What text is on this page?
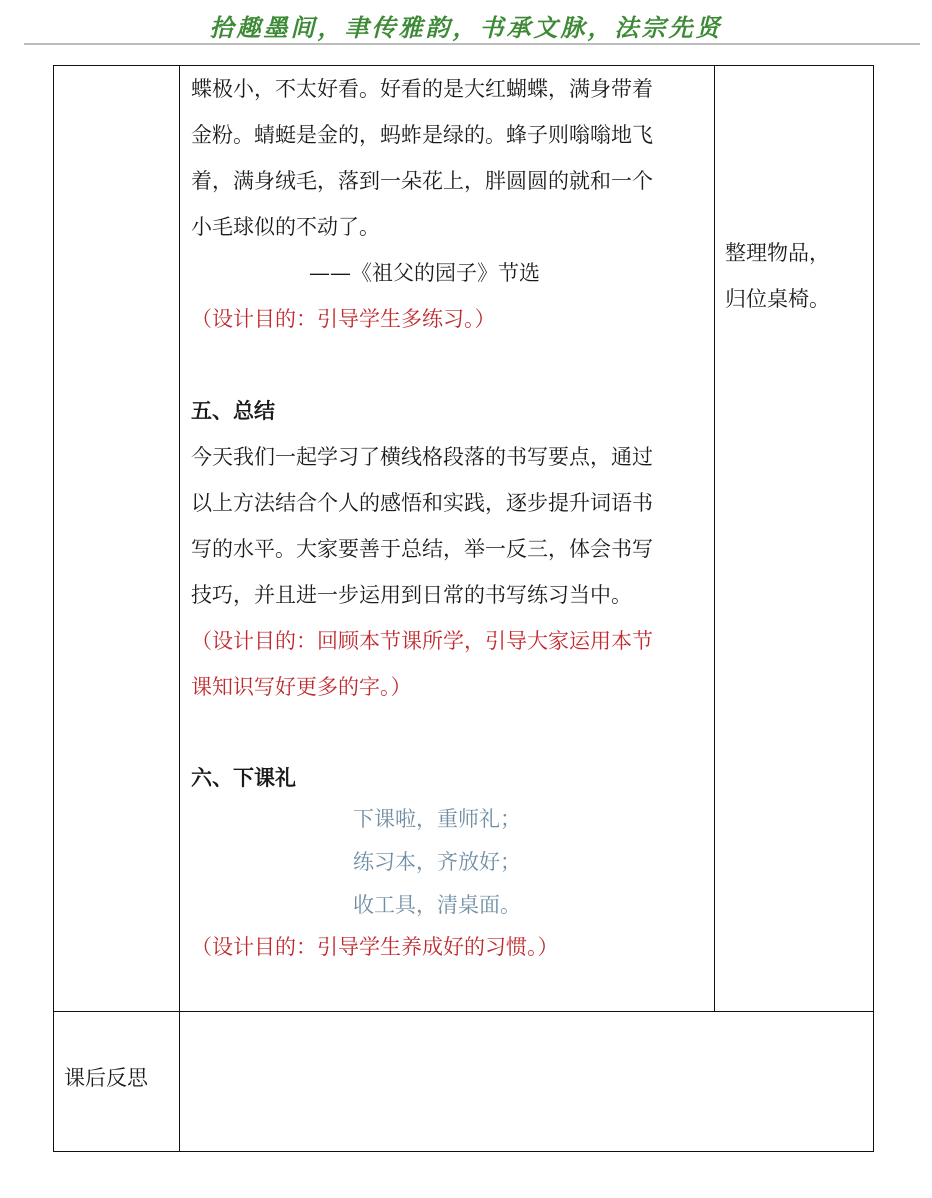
拾趣墨间，聿传雅韵，书承文脉，法宗先贤

蝶极小，不太好看。好看的是大红蝴蝶，满身带着

金粉。蜻蜓是金的，蚂蚱是绿的。蜂子则嗡嗡地飞

着，满身绒毛，落到一朵花上，胖圆圆的就和一个

小毛球似的不动了。

——《祖父的园子》节选

（设计目的：引导学生多练习。）

五、总结

今天我们一起学习了横线格段落的书写要点，通过

以上方法结合个人的感悟和实践，逐步提升词语书

写的水平。大家要善于总结，举一反三，体会书写

技巧，并且进一步运用到日常的书写练习当中。

（设计目的：回顾本节课所学，引导大家运用本节

课知识写好更多的字。）

六、下课礼

下课啦，重师礼；

练习本，齐放好；

收工具，清桌面。

（设计目的：引导学生养成好的习惯。）

整理物品，
归位桌椅。
课后反思
